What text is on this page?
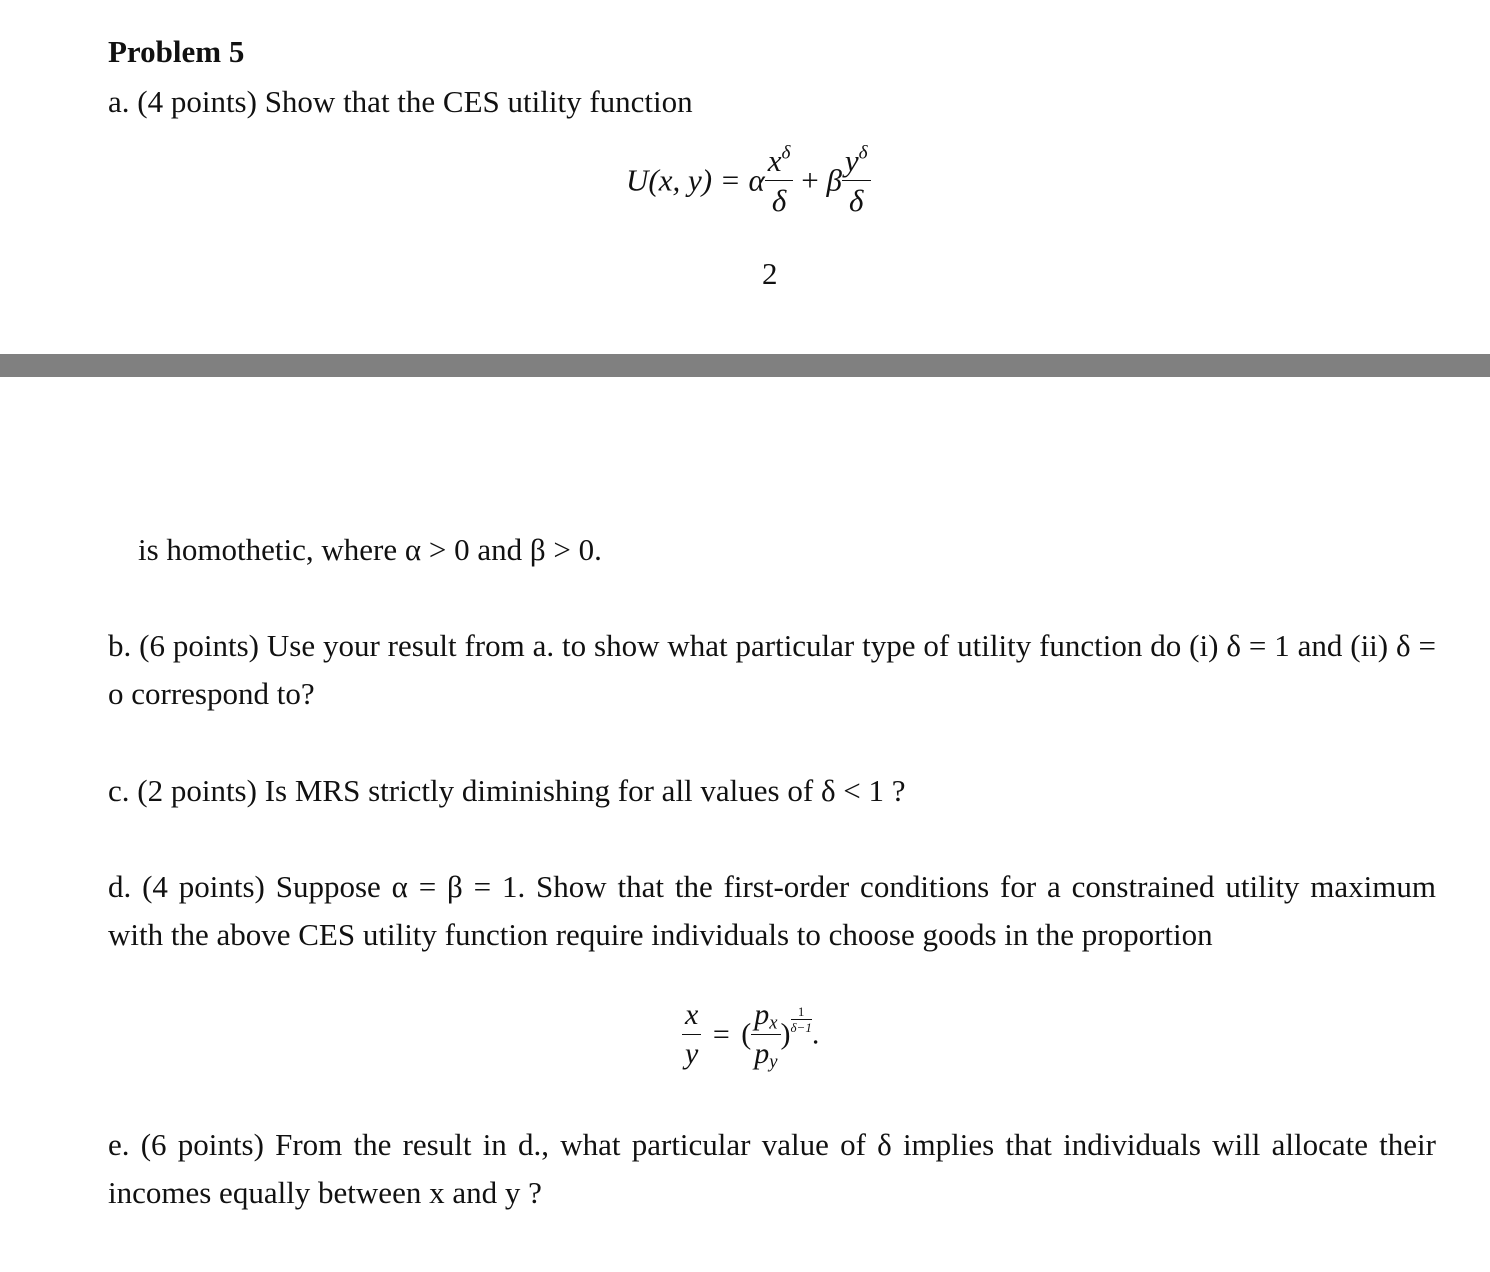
Problem 5
a. (4 points) Show that the CES utility function
U(x, y) = α $\frac{x^\delta}{\delta} + \beta \frac{y^\delta}{\delta}$
2
is homothetic, where α > 0 and β > 0.
b. (6 points) Use your result from a. to show what particular type of utility function do (i) δ = 1 and (ii) δ = o correspond to?
c. (2 points) Is MRS strictly diminishing for all values of δ < 1 ?
d. (4 points) Suppose α = β = 1. Show that the first-order conditions for a constrained utility maximum with the above CES utility function require individuals to choose goods in the proportion
$\frac{x}{y}$ = ( $\frac{p_x}{p_y}$ ) $\frac{1}{\delta-1}$ .
e. (6 points) From the result in d., what particular value of δ implies that individuals will allocate their incomes equally between x and y ?
